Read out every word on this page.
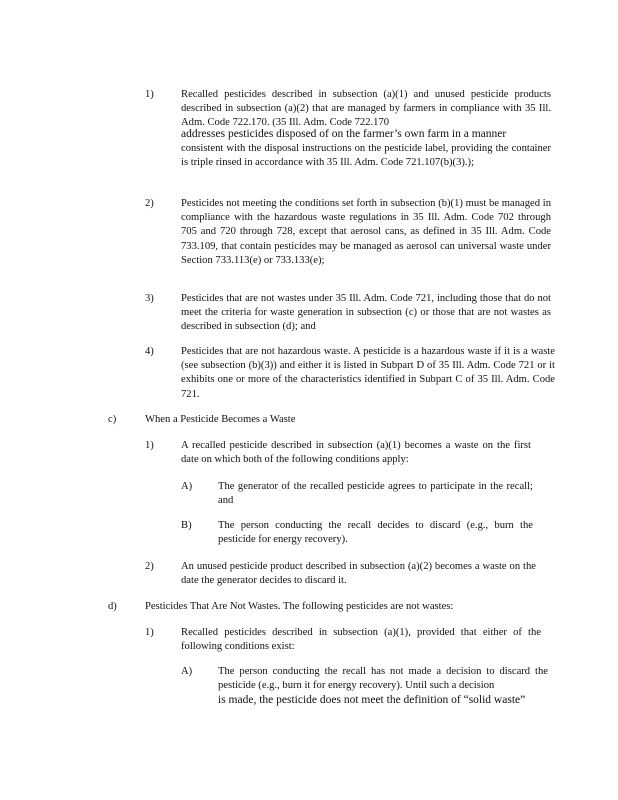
1)	Recalled pesticides described in subsection (a)(1) and unused pesticide products described in subsection (a)(2) that are managed by farmers in compliance with 35 Ill. Adm. Code 722.170. (35 Ill. Adm. Code 722.170
addresses pesticides disposed of on the farmer’s own farm in a manner
consistent with the disposal instructions on the pesticide label, providing the container is triple rinsed in accordance with 35 Ill. Adm. Code 721.107(b)(3).);
2)	Pesticides not meeting the conditions set forth in subsection (b)(1) must be managed in compliance with the hazardous waste regulations in 35 Ill. Adm. Code 702 through 705 and 720 through 728, except that aerosol cans, as defined in 35 Ill. Adm. Code 733.109, that contain pesticides may be managed as aerosol can universal waste under Section 733.113(e) or 733.133(e);
3)	Pesticides that are not wastes under 35 Ill. Adm. Code 721, including those that do not meet the criteria for waste generation in subsection (c) or those that are not wastes as described in subsection (d); and
4)	Pesticides that are not hazardous waste. A pesticide is a hazardous waste if it is a waste (see subsection (b)(3)) and either it is listed in Subpart D of 35 Ill. Adm. Code 721 or it exhibits one or more of the characteristics identified in Subpart C of 35 Ill. Adm. Code 721.
c)	When a Pesticide Becomes a Waste
1)	A recalled pesticide described in subsection (a)(1) becomes a waste on the first date on which both of the following conditions apply:
A) The generator of the recalled pesticide agrees to participate in the recall; and
B) The person conducting the recall decides to discard (e.g., burn the pesticide for energy recovery).
2)	An unused pesticide product described in subsection (a)(2) becomes a waste on the date the generator decides to discard it.
d)	Pesticides That Are Not Wastes. The following pesticides are not wastes:
1)	Recalled pesticides described in subsection (a)(1), provided that either of the following conditions exist:
A) The person conducting the recall has not made a decision to discard the pesticide (e.g., burn it for energy recovery). Until such a decision
is made, the pesticide does not meet the definition of “solid waste”
